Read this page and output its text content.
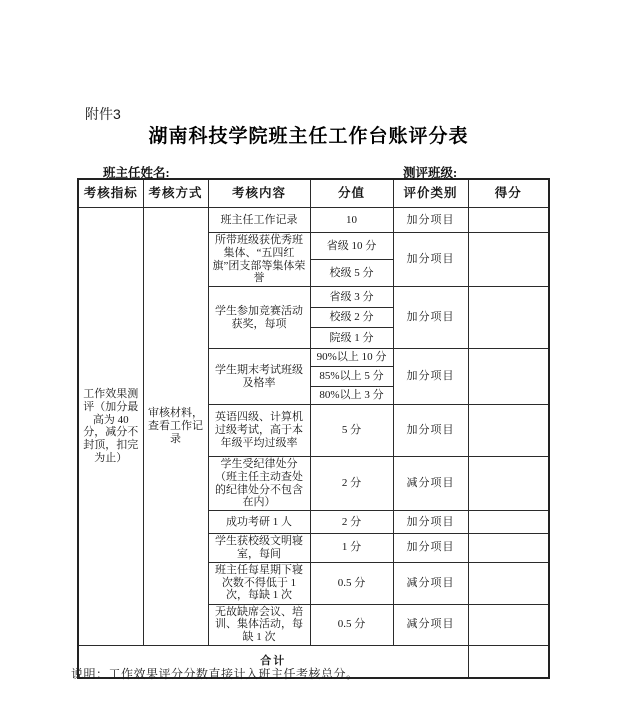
附件3
湖南科技学院班主任工作台账评分表
班主任姓名:	测评班级:
考核指标	考核方式	考核内容	分值	评价类别	得分
工作效果测评（加分最高为 40 分，减分不封顶，扣完为止）	审核材料，查看工作记录	班主任工作记录	10	加分项目	
		所带班级获优秀班集体、“五四红旗”团支部等集体荣誉	省级 10 分	加分项目	
			校级 5 分		
		学生参加竞赛活动获奖，每项	省级 3 分	加分项目	
			校级 2 分		
			院级 1 分		
		学生期末考试班级及格率	90%以上 10 分	加分项目	
			85%以上 5 分		
			80%以上 3 分		
		英语四级、计算机过级考试，高于本年级平均过级率	5 分	加分项目	
		学生受纪律处分（班主任主动查处的纪律处分不包含在内）	2 分	减分项目	
		成功考研 1 人	2 分	加分项目	
		学生获校级文明寝室，每间	1 分	加分项目	
		班主任每星期下寝次数不得低于 1 次，每缺 1 次	0.5 分	减分项目	
		无故缺席会议、培训、集体活动，每缺 1 次	0.5 分	减分项目	
合计					
说明：工作效果评分分数直接计入班主任考核总分。
